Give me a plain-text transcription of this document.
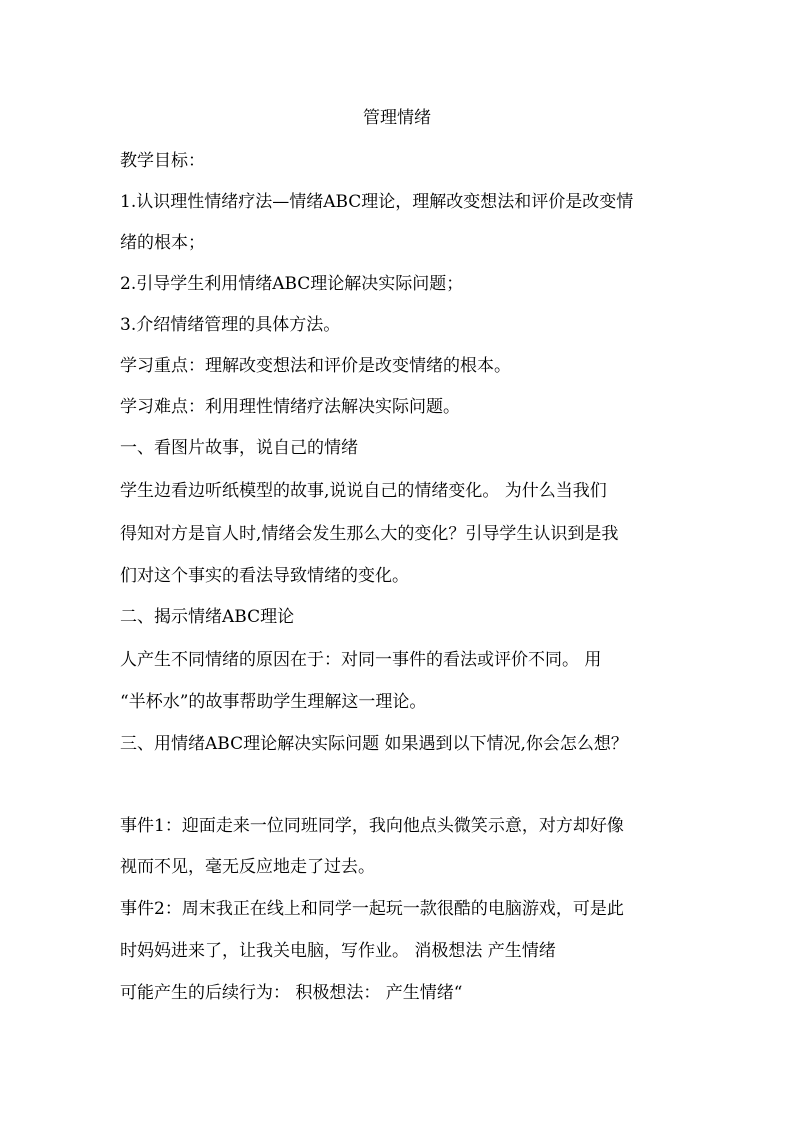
管理情绪

教学目标：

1.认识理性情绪疗法—情绪ABC理论，理解改变想法和评价是改变情

绪的根本；

2.引导学生利用情绪ABC理论解决实际问题；

3.介绍情绪管理的具体方法。

学习重点：理解改变想法和评价是改变情绪的根本。

学习难点：利用理性情绪疗法解决实际问题。

一、看图片故事，说自己的情绪

学生边看边听纸模型的故事,说说自己的情绪变化。 为什么当我们

得知对方是盲人时,情绪会发生那么大的变化？引导学生认识到是我

们对这个事实的看法导致情绪的变化。

二、揭示情绪ABC理论

人产生不同情绪的原因在于：对同一事件的看法或评价不同。 用

“半杯水”的故事帮助学生理解这一理论。

三、用情绪ABC理论解决实际问题 如果遇到以下情况,你会怎么想？

事件1：迎面走来一位同班同学，我向他点头微笑示意，对方却好像

视而不见，毫无反应地走了过去。

事件2：周末我正在线上和同学一起玩一款很酷的电脑游戏，可是此

时妈妈进来了，让我关电脑，写作业。 消极想法 产生情绪

可能产生的后续行为： 积极想法： 产生情绪“
